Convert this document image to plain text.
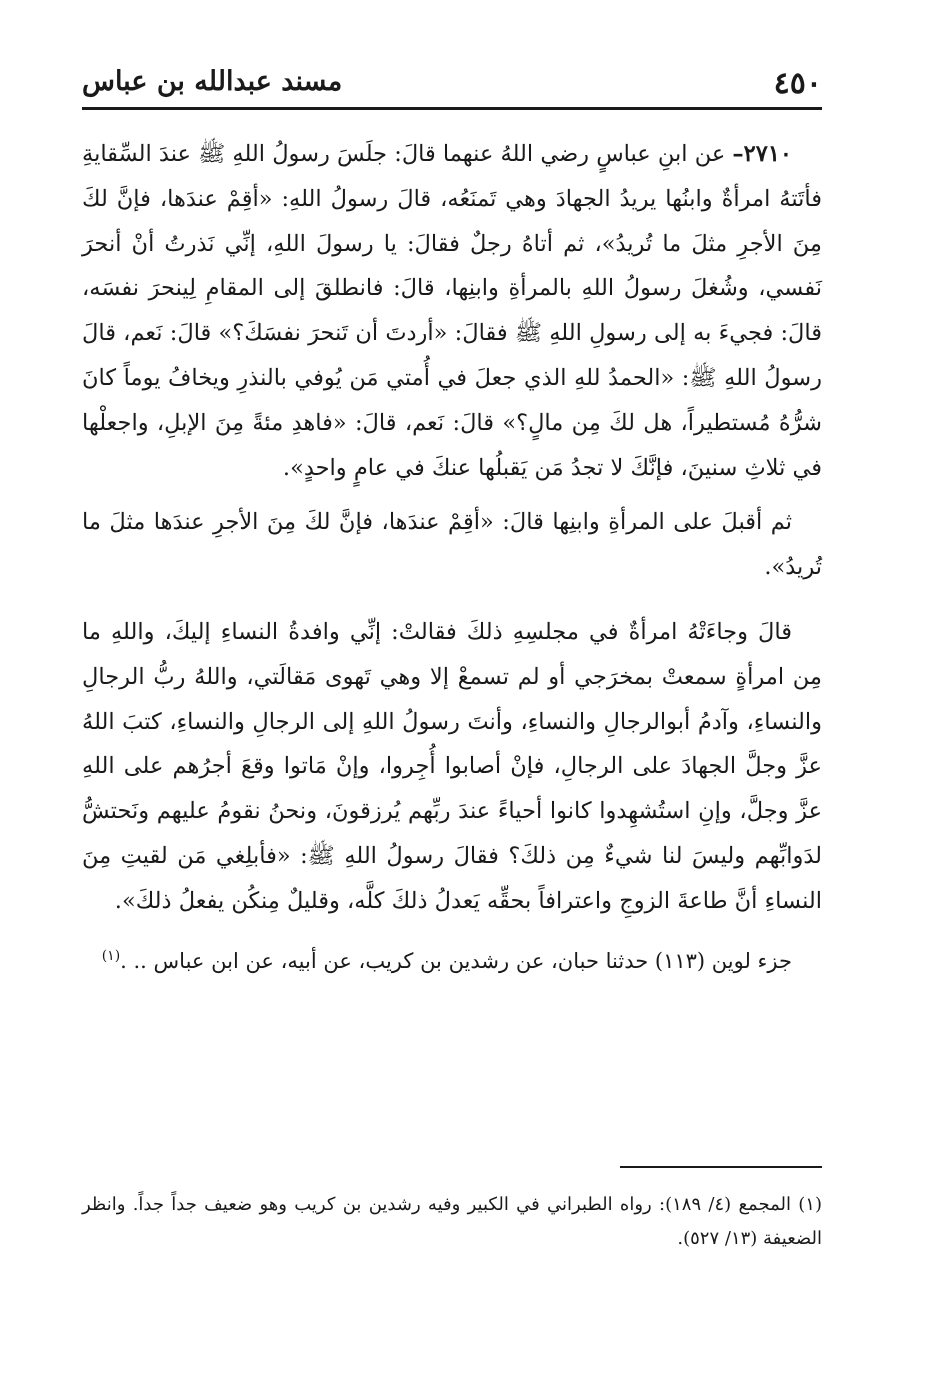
٤٥٠
مسند عبدالله بن عباس

٢٧١٠– عن ابنِ عباسٍ رضي اللهُ عنهما قالَ: جلَسَ رسولُ اللهِ ﷺ عندَ السِّقايةِ فأتَتهُ امرأةٌ وابنُها يريدُ الجهادَ وهي تَمنَعُه، قالَ رسولُ اللهِ: «أقِمْ عندَها، فإنَّ لكَ مِنَ الأجرِ مثلَ ما تُريدُ»، ثم أتاهُ رجلٌ فقالَ: يا رسولَ اللهِ، إنِّي نَذرتُ أنْ أنحرَ نَفسي، وشُغلَ رسولُ اللهِ بالمرأةِ وابنِها، قالَ: فانطلقَ إلى المقامِ لِينحرَ نفسَه، قالَ: فجيءَ به إلى رسولِ اللهِ ﷺ فقالَ: «أردتَ أن تَنحرَ نفسَكَ؟» قالَ: نَعم، قالَ رسولُ اللهِ ﷺ: «الحمدُ للهِ الذي جعلَ في أُمتي مَن يُوفي بالنذرِ ويخافُ يوماً كانَ شرُّهُ مُستطيراً، هل لكَ مِن مالٍ؟» قالَ: نَعم، قالَ: «فاهدِ مئةً مِنَ الإبلِ، واجعلْها في ثلاثِ سنينَ، فإنَّكَ لا تجدُ مَن يَقبلُها عنكَ في عامٍ واحدٍ».

ثم أقبلَ على المرأةِ وابنِها قالَ: «أقِمْ عندَها، فإنَّ لكَ مِنَ الأجرِ عندَها مثلَ ما تُريدُ».

قالَ وجاءَتْهُ امرأةٌ في مجلسِهِ ذلكَ فقالتْ: إنِّي وافدةُ النساءِ إليكَ، واللهِ ما مِن امرأةٍ سمعتْ بمخرَجي أو لم تسمعْ إلا وهي تَهوى مَقالَتي، واللهُ ربُّ الرجالِ والنساءِ، وآدمُ أبوالرجالِ والنساءِ، وأنتَ رسولُ اللهِ إلى الرجالِ والنساءِ، كتبَ اللهُ عزَّ وجلَّ الجهادَ على الرجالِ، فإنْ أصابوا أُجِروا، وإنْ مَاتوا وقعَ أجرُهم على اللهِ عزَّ وجلَّ، وإنِ استُشهِدوا كانوا أحياءً عندَ ربِّهم يُرزقونَ، ونحنُ نقومُ عليهم ونَحتشُّ لدَوابِّهم وليسَ لنا شيءٌ مِن ذلكَ؟ فقالَ رسولُ اللهِ ﷺ: «فأبلِغي مَن لقيتِ مِنَ النساءِ أنَّ طاعةَ الزوجِ واعترافاً بحقِّه يَعدلُ ذلكَ كلَّه، وقليلٌ مِنكُن يفعلُ ذلكَ».

جزء لوين (١١٣) حدثنا حبان، عن رشدين بن كريب، عن أبيه، عن ابن عباس .. .$^{(١)}$

(١) المجمع (٤/ ١٨٩): رواه الطبراني في الكبير وفيه رشدين بن كريب وهو ضعيف جداً جداً. وانظر الضعيفة (١٣/ ٥٢٧).
